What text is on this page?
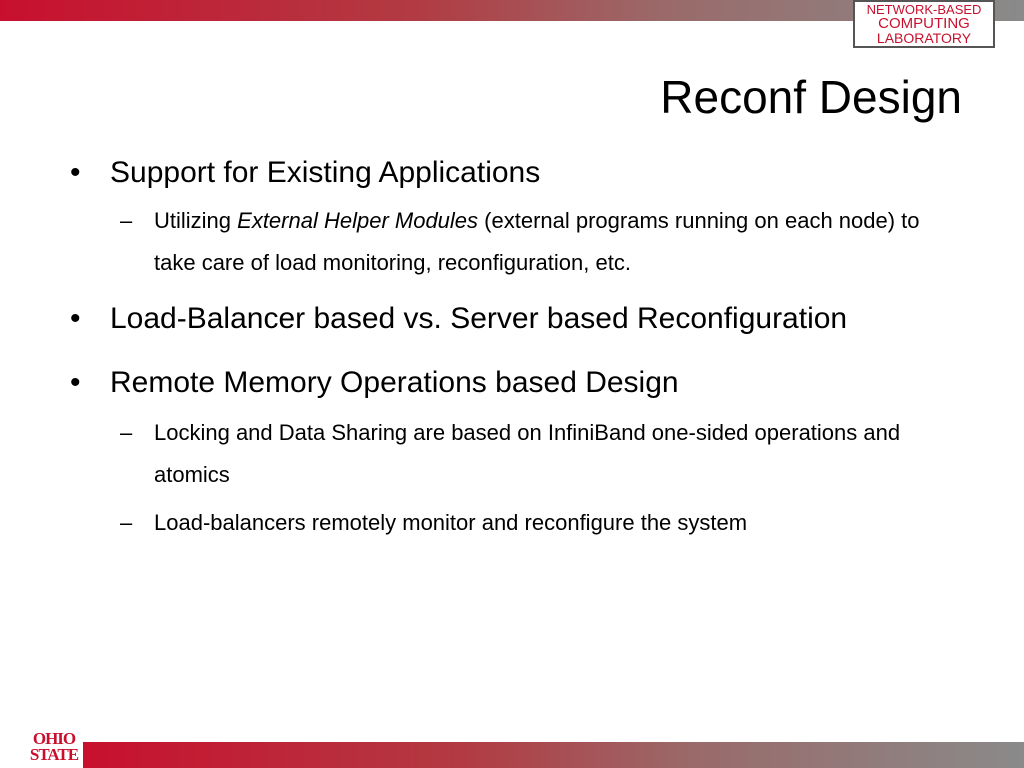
NETWORK-BASED
COMPUTING
LABORATORY
Reconf Design
• Support for Existing Applications
– Utilizing External Helper Modules (external programs running on each node) to take care of load monitoring, reconfiguration, etc.
• Load-Balancer based vs. Server based Reconfiguration
• Remote Memory Operations based Design
– Locking and Data Sharing are based on InfiniBand one-sided operations and atomics
– Load-balancers remotely monitor and reconfigure the system
OHIO
STATE
